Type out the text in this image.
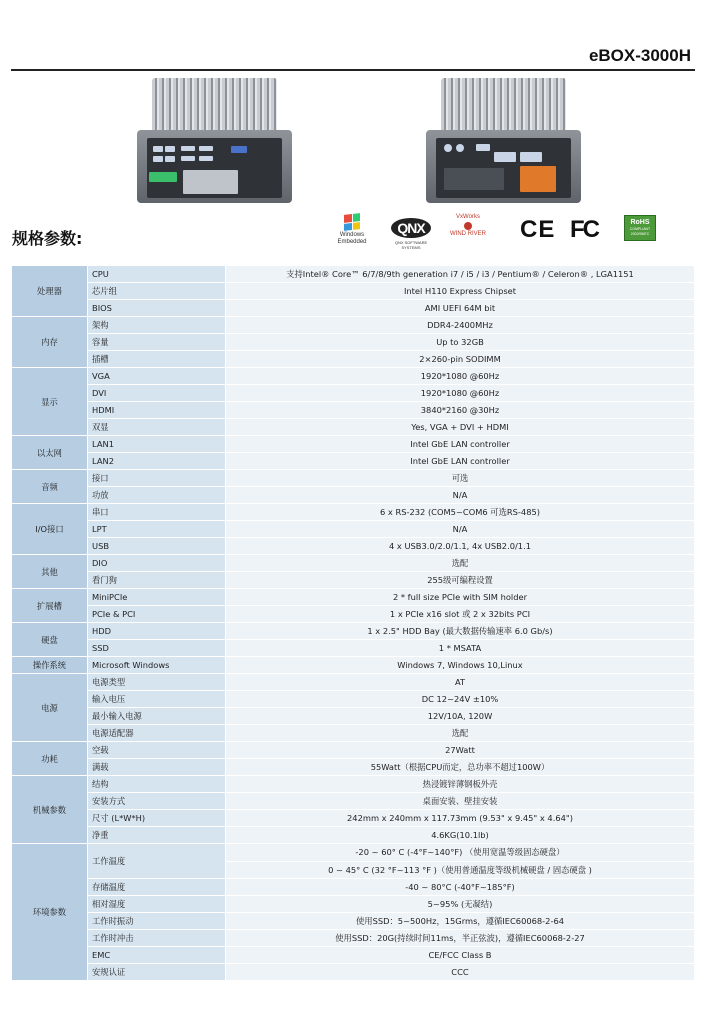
eBOX-3000H
规格参数:	Windows Embedded
QNX
QNX SOFTWARE SYSTEMS
VxWorks
WIND RIVER CE FC	RoHS
COMPLIANT 2002/95/EC
处理器	CPU	支持Intel® Core™ 6/7/8/9th generation i7 / i5 / i3 / Pentium® / Celeron® , LGA1151
	芯片组	Intel H110 Express Chipset
	BIOS	AMI UEFI 64M bit
内存	架构	DDR4-2400MHz
	容量	Up to 32GB
	插槽	2×260-pin SODIMM
显示	VGA	1920*1080 @60Hz
	DVI	1920*1080 @60Hz
	HDMI	3840*2160 @30Hz
	双显	Yes, VGA + DVI + HDMI
以太网	LAN1	Intel GbE LAN controller
	LAN2	Intel GbE LAN controller
音频	接口	可选
	功放	N/A
I/O接口	串口	6 x RS-232 (COM5~COM6 可选RS-485)
	LPT	N/A
	USB	4 x USB3.0/2.0/1.1, 4x USB2.0/1.1
其他	DIO	选配
	看门狗	255级可编程设置
扩展槽	MiniPCIe	2 * full size PCIe with SIM holder
	PCIe & PCI	1 x PCIe x16 slot 或 2 x 32bits PCI
硬盘	HDD	1 x 2.5" HDD Bay (最大数据传输速率 6.0 Gb/s)
	SSD	1 * MSATA
操作系统	Microsoft Windows	Windows 7, Windows 10,Linux
电源	电源类型	AT
	输入电压	DC 12~24V ±10%
	最小输入电源	12V/10A, 120W
	电源适配器	选配
功耗	空载	27Watt
	满载	55Watt（根据CPU而定，总功率不超过100W）
机械参数	结构	热浸镀锌薄钢板外壳
	安装方式	桌面安装、壁挂安装
	尺寸 (L*W*H)	242mm x 240mm x 117.73mm (9.53" x 9.45" x 4.64")
	净重	4.6KG(10.1lb)
环境参数	工作温度	-20 ~ 60° C (-4°F~140°F) （使用宽温等级固态硬盘）
0 ~ 45° C (32 °F~113 °F )（使用普通温度等级机械硬盘 / 固态硬盘 )

	存储温度	-40 ~ 80°C (-40°F~185°F)
	相对湿度	5~95% (无凝结)
	工作时振动	使用SSD：5~500Hz，15Grms，遵循IEC60068-2-64
	工作时冲击	使用SSD：20G(持续时间11ms，半正弦波)，遵循IEC60068-2-27
	EMC	CE/FCC Class B
	安规认证	CCC
